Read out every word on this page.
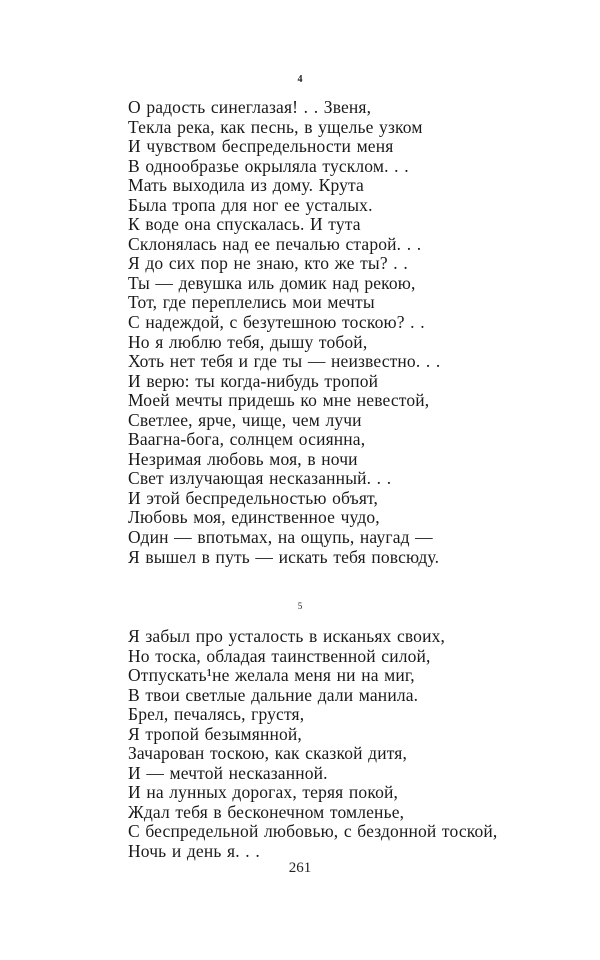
4
О радость синеглазая! . . Звеня,
Текла река, как песнь, в ущелье узком
И чувством беспредельности меня
В однообразье окрыляла тусклом. . .
Мать выходила из дому. Крута
Была тропа для ног ее усталых.
К воде она спускалась. И тута
Склонялась над ее печалью старой. . .
Я до сих пор не знаю, кто же ты? . .
Ты — девушка иль домик над рекою,
Тот, где переплелись мои мечты
С надеждой, с безутешною тоскою? . .
Но я люблю тебя, дышу тобой,
Хоть нет тебя и где ты — неизвестно. . .
И верю: ты когда-нибудь тропой
Моей мечты придешь ко мне невестой,
Светлее, ярче, чище, чем лучи
Ваагна-бога, солнцем осиянна,
Незримая любовь моя, в ночи
Свет излучающая несказанный. . .
И этой беспредельностью объят,
Любовь моя, единственное чудо,
Один — впотьмах, на ощупь, наугад —
Я вышел в путь — искать тебя повсюду.
5
Я забыл про усталость в исканьях своих,
Но тоска, обладая таинственной силой,
Отпускать¹не желала меня ни на миг,
В твои светлые дальние дали манила.
Брел, печалясь, грустя,
Я тропой безымянной,
Зачарован тоскою, как сказкой дитя,
И — мечтой несказанной.
И на лунных дорогах, теряя покой,
Ждал тебя в бесконечном томленье,
С беспредельной любовью, с бездонной тоской,
Ночь и день я. . .
261
